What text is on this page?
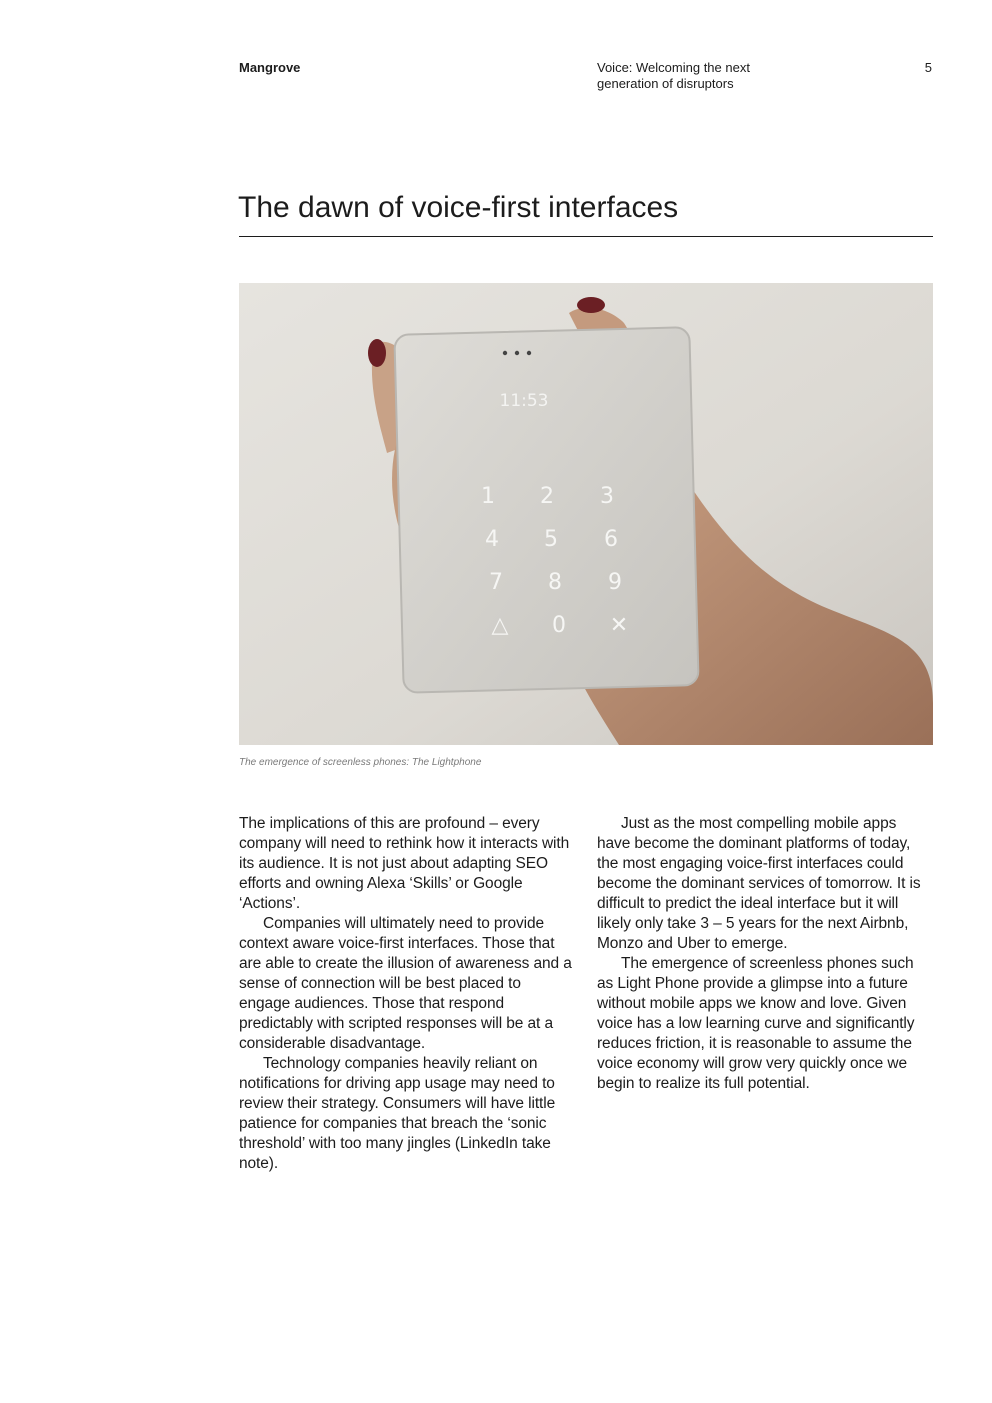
Mangrove	Voice: Welcoming the next generation of disruptors
5
The dawn of voice-first interfaces
11:53
1 2 3
4 5 6
7 8 9
△ 0 ✕
The emergence of screenless phones: The Lightphone

The implications of this are profound – every company will need to rethink how it interacts with its audience. It is not just about adapting SEO efforts and owning Alexa ‘Skills’ or Google ‘Actions’.

Companies will ultimately need to provide context aware voice-first interfaces. Those that are able to create the illusion of awareness and a sense of connection will be best placed to engage audiences. Those that respond predictably with scripted responses will be at a considerable disadvantage.

Technology companies heavily reliant on notifications for driving app usage may need to review their strategy. Consumers will have little patience for companies that breach the ‘sonic threshold’ with too many jingles (LinkedIn take note).

Just as the most compelling mobile apps have become the dominant platforms of today, the most engaging voice-first interfaces could become the dominant services of tomorrow. It is difficult to predict the ideal interface but it will likely only take 3 – 5 years for the next Airbnb, Monzo and Uber to emerge.

The emergence of screenless phones such as Light Phone provide a glimpse into a future without mobile apps we know and love. Given voice has a low learning curve and significantly reduces friction, it is reasonable to assume the voice economy will grow very quickly once we begin to realize its full potential.
